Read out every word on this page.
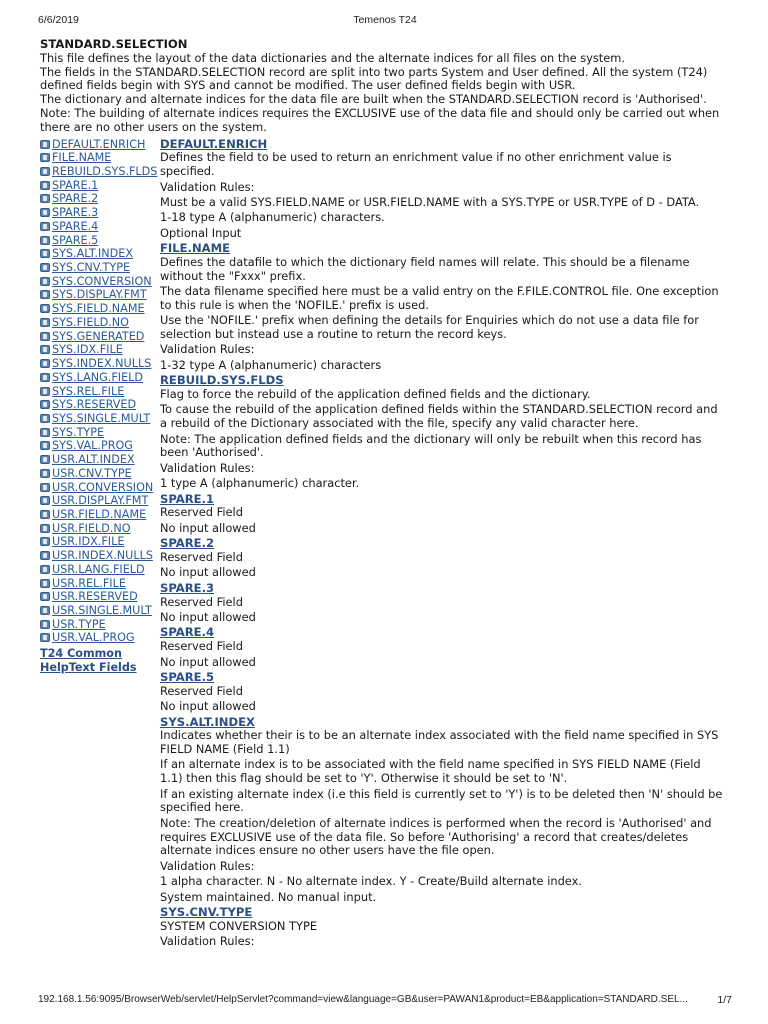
6/6/2019	Temenos T24

STANDARD.SELECTION

This file defines the layout of the data dictionaries and the alternate indices for all files on the system.

The fields in the STANDARD.SELECTION record are split into two parts System and User defined. All the system (T24) defined fields begin with SYS and cannot be modified. The user defined fields begin with USR.

The dictionary and alternate indices for the data file are built when the STANDARD.SELECTION record is 'Authorised'.

Note: The building of alternate indices requires the EXCLUSIVE use of the data file and should only be carried out when there are no other users on the system.

DEFAULT.ENRICH
FILE.NAME
REBUILD.SYS.FLDS
SPARE.1
SPARE.2
SPARE.3
SPARE.4
SPARE.5
SYS.ALT.INDEX
SYS.CNV.TYPE
SYS.CONVERSION
SYS.DISPLAY.FMT
SYS.FIELD.NAME
SYS.FIELD.NO
SYS.GENERATED
SYS.IDX.FILE
SYS.INDEX.NULLS
SYS.LANG.FIELD
SYS.REL.FILE
SYS.RESERVED
SYS.SINGLE.MULT
SYS.TYPE
SYS.VAL.PROG
USR.ALT.INDEX
USR.CNV.TYPE
USR.CONVERSION
USR.DISPLAY.FMT
USR.FIELD.NAME
USR.FIELD.NO
USR.IDX.FILE
USR.INDEX.NULLS
USR.LANG.FIELD
USR.REL.FILE
USR.RESERVED
USR.SINGLE.MULT
USR.TYPE
USR.VAL.PROG
T24 Common
HelpText Fields
DEFAULT.ENRICH

Defines the field to be used to return an enrichment value if no other enrichment value is specified.

Validation Rules:

Must be a valid SYS.FIELD.NAME or USR.FIELD.NAME with a SYS.TYPE or USR.TYPE of D - DATA.

1-18 type A (alphanumeric) characters.

Optional Input

FILE.NAME

Defines the datafile to which the dictionary field names will relate. This should be a filename without the "Fxxx" prefix.

The data filename specified here must be a valid entry on the F.FILE.CONTROL file. One exception to this rule is when the 'NOFILE.' prefix is used.

Use the 'NOFILE.' prefix when defining the details for Enquiries which do not use a data file for selection but instead use a routine to return the record keys.

Validation Rules:

1-32 type A (alphanumeric) characters

REBUILD.SYS.FLDS

Flag to force the rebuild of the application defined fields and the dictionary.

To cause the rebuild of the application defined fields within the STANDARD.SELECTION record and a rebuild of the Dictionary associated with the file, specify any valid character here.

Note: The application defined fields and the dictionary will only be rebuilt when this record has been 'Authorised'.

Validation Rules:

1 type A (alphanumeric) character.

SPARE.1

Reserved Field

No input allowed

SPARE.2

Reserved Field

No input allowed

SPARE.3

Reserved Field

No input allowed

SPARE.4

Reserved Field

No input allowed

SPARE.5

Reserved Field

No input allowed

SYS.ALT.INDEX

Indicates whether their is to be an alternate index associated with the field name specified in SYS FIELD NAME (Field 1.1)

If an alternate index is to be associated with the field name specified in SYS FIELD NAME (Field 1.1) then this flag should be set to 'Y'. Otherwise it should be set to 'N'.

If an existing alternate index (i.e this field is currently set to 'Y') is to be deleted then 'N' should be specified here.

Note: The creation/deletion of alternate indices is performed when the record is 'Authorised' and requires EXCLUSIVE use of the data file. So before 'Authorising' a record that creates/deletes alternate indices ensure no other users have the file open.

Validation Rules:

1 alpha character. N - No alternate index. Y - Create/Build alternate index.

System maintained. No manual input.

SYS.CNV.TYPE

SYSTEM CONVERSION TYPE

Validation Rules:

192.168.1.56:9095/BrowserWeb/servlet/HelpServlet?command=view&language=GB&user=PAWAN1&product=EB&application=STANDARD.SEL...	1/7
